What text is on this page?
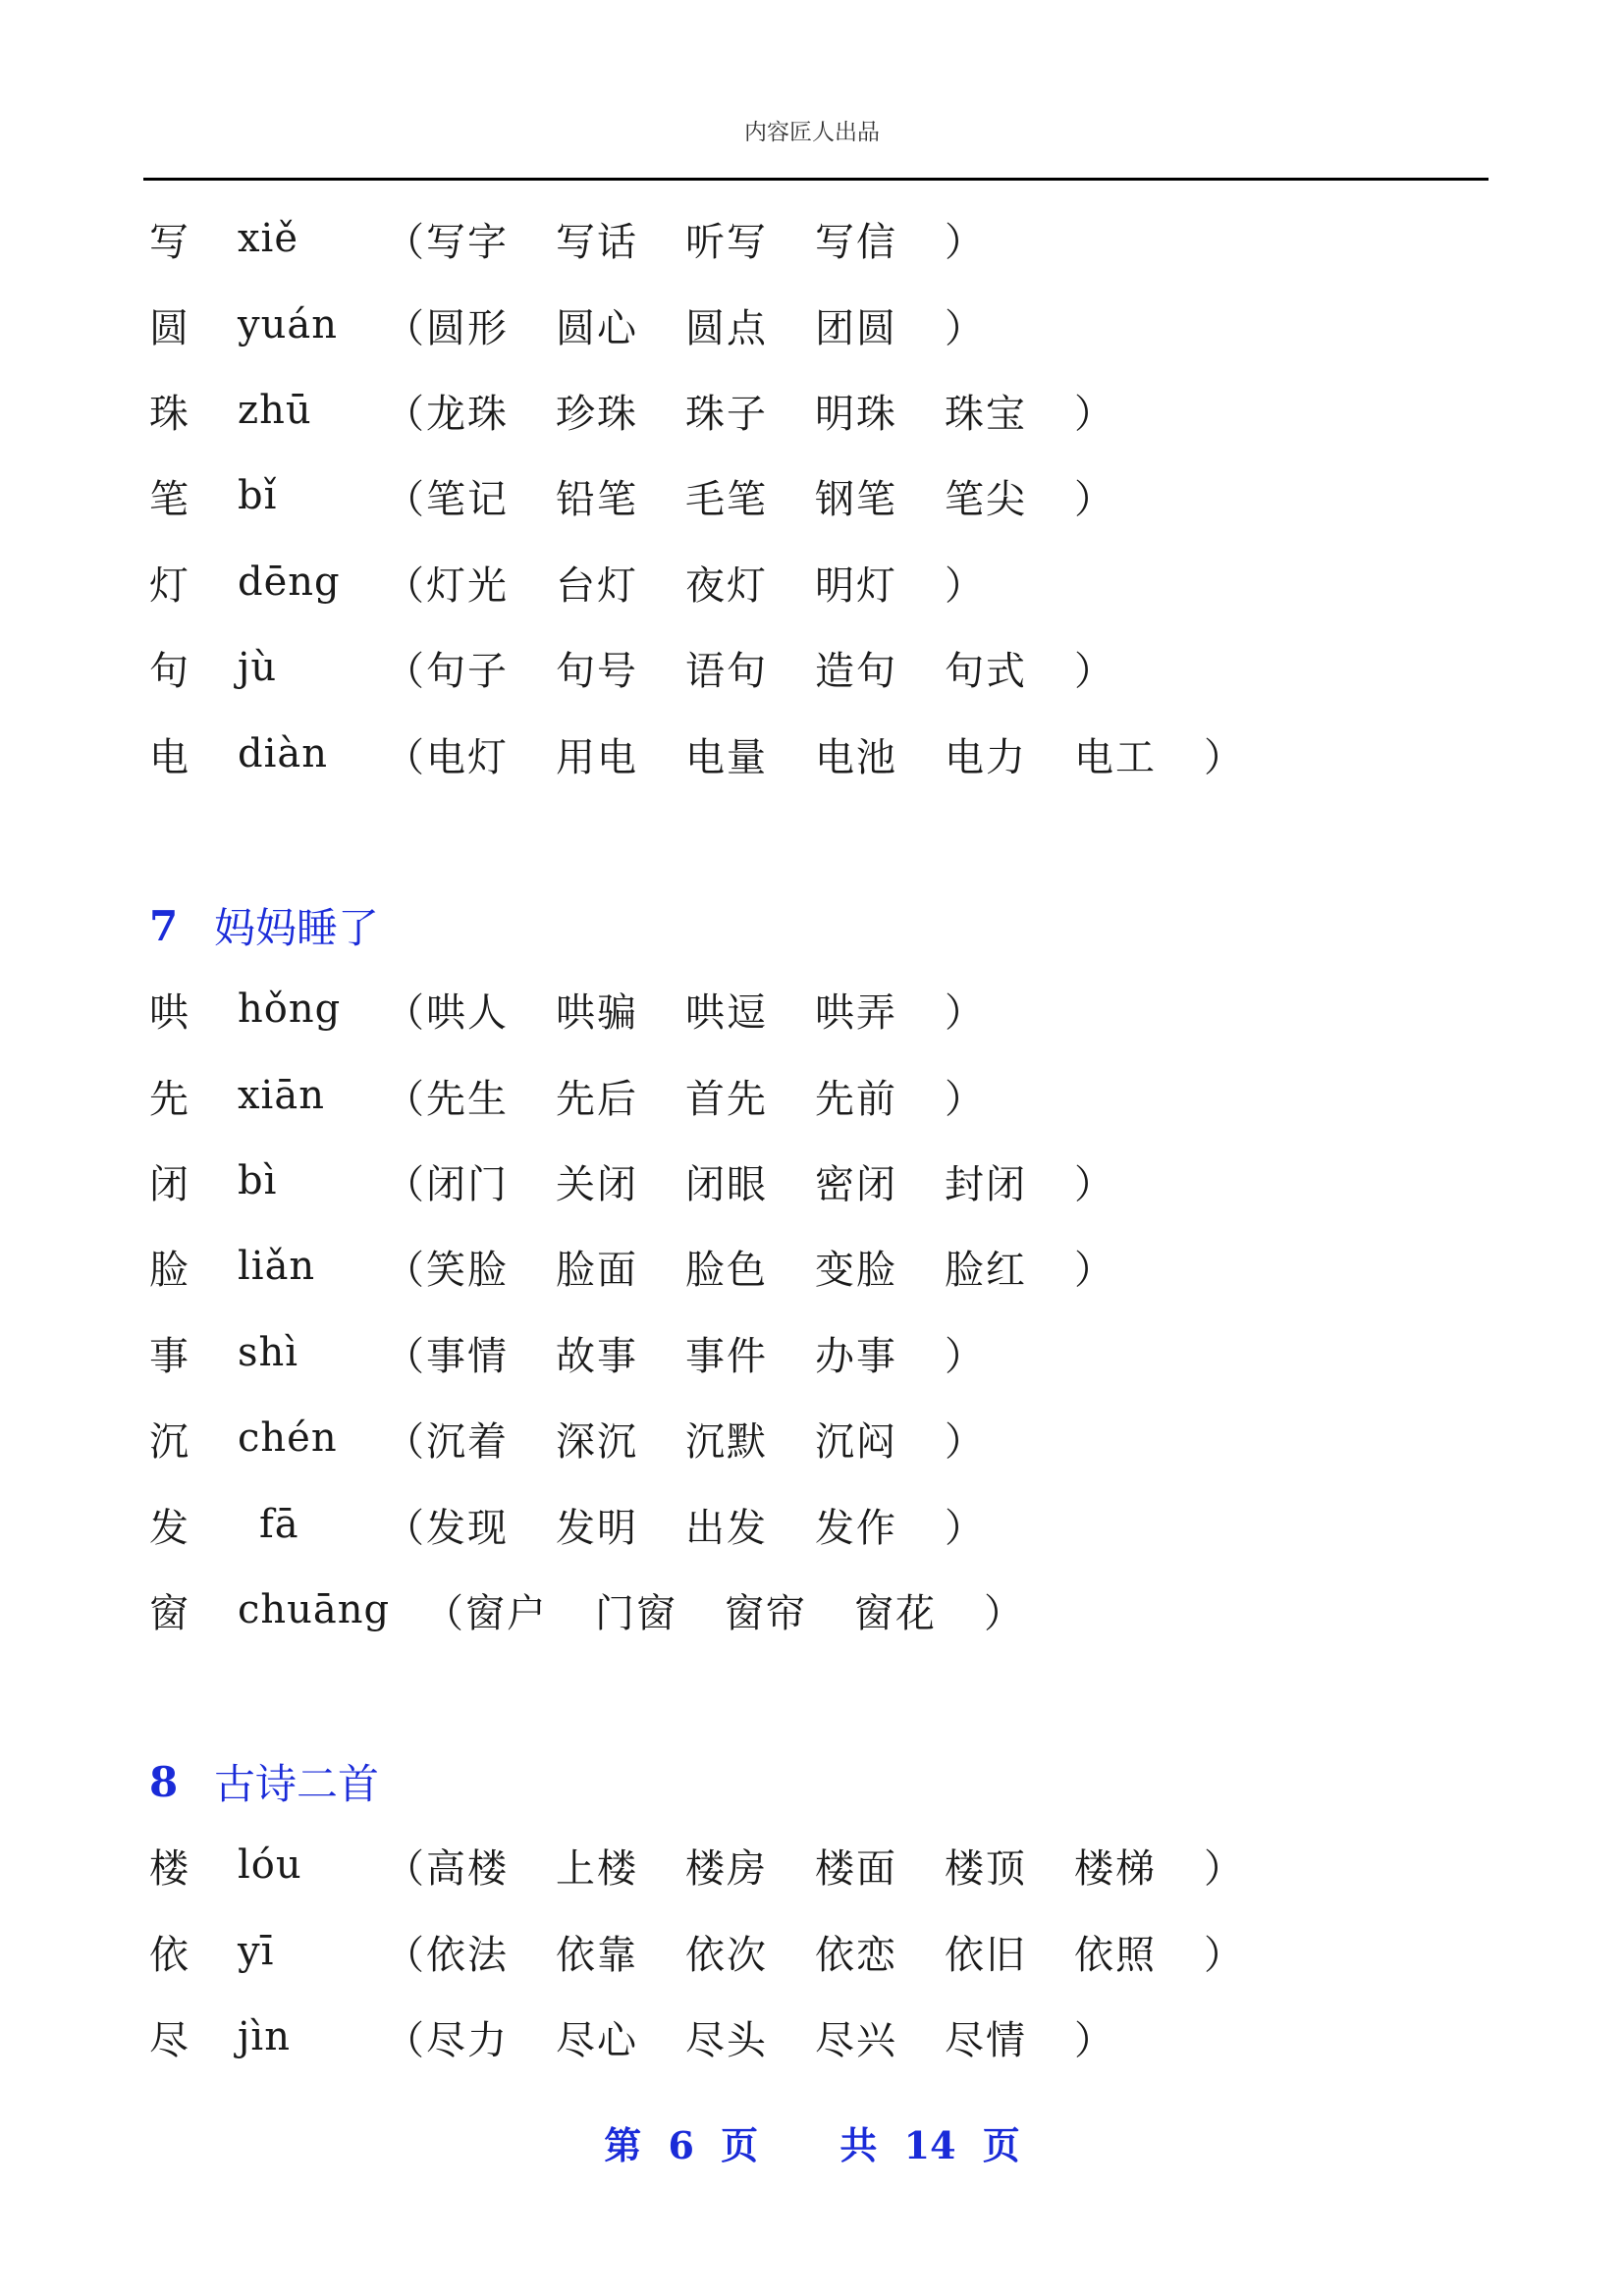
内容匠人出品
写	xiě	（写字 写话 听写 写信 ）
圆	yuán	（圆形 圆心 圆点 团圆 ）
珠	zhū	（龙珠 珍珠 珠子 明珠 珠宝 ）
笔	bǐ	（笔记 铅笔 毛笔 钢笔 笔尖 ）
灯	dēng	（灯光 台灯 夜灯 明灯 ）
句	jù	（句子 句号 语句 造句 句式 ）
电	diàn	（电灯 用电 电量 电池 电力 电工 ）
7 妈妈睡了
哄	hǒng	（哄人 哄骗 哄逗 哄弄 ）
先	xiān	（先生 先后 首先 先前 ）
闭	bì	（闭门 关闭 闭眼 密闭 封闭 ）
脸	liǎn	（笑脸 脸面 脸色 变脸 脸红 ）
事	shì	（事情 故事 事件 办事 ）
沉	chén	（沉着 深沉 沉默 沉闷 ）
发	fā	（发现 发明 出发 发作 ）
窗	chuāng （窗户 门窗 窗帘 窗花 ）
8 古诗二首
楼	lóu	（高楼 上楼 楼房 楼面 楼顶 楼梯 ）
依	yī	（依法 依靠 依次 依恋 依旧 依照 ）
尽	jìn	（尽力 尽心 尽头 尽兴 尽情 ）
第 6 页 共 14 页
